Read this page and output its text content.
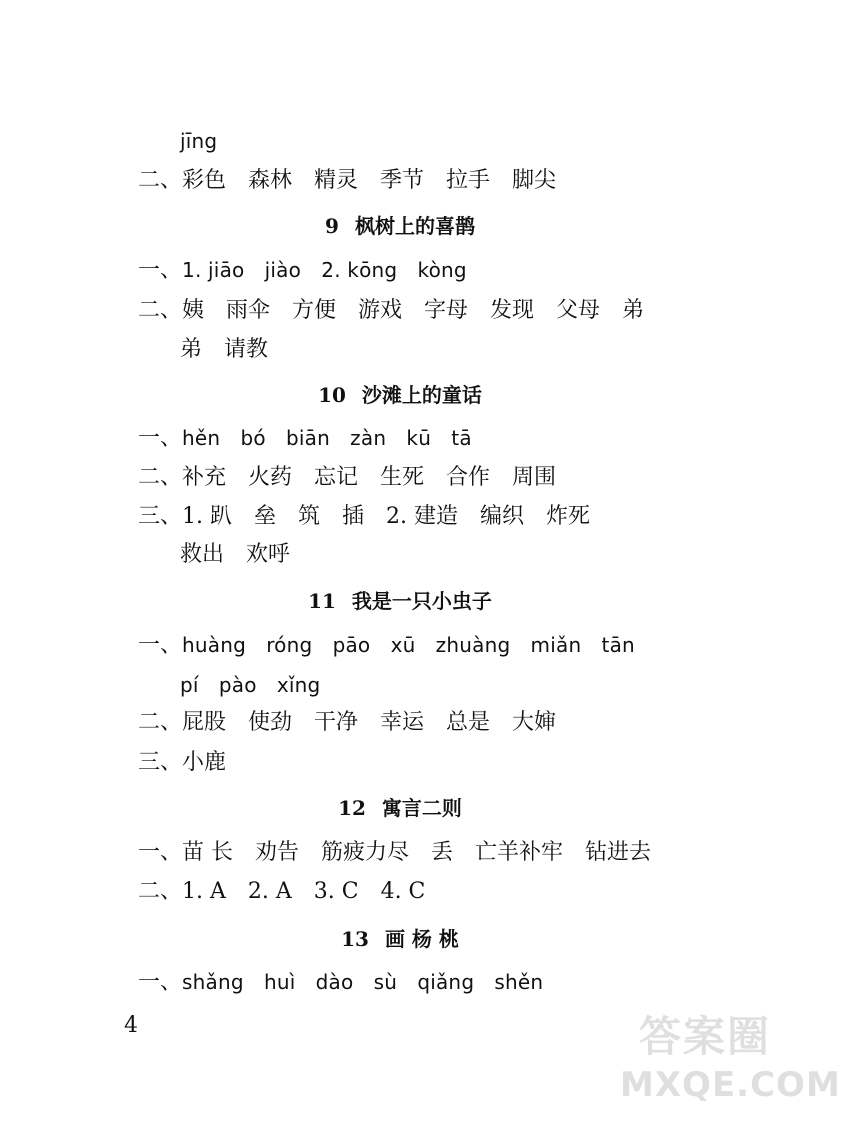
jīng
二、彩色　森林　精灵　季节　拉手　脚尖
9 枫树上的喜鹊
一、1. jiāo　jiào　2. kōng　kòng
二、姨　雨伞　方便　游戏　字母　发现　父母　弟
弟　请教
10 沙滩上的童话
一、hěn　bó　biān　zàn　kū　tā
二、补充　火药　忘记　生死　合作　周围
三、1. 趴　垒　筑　插　2. 建造　编织　炸死
救出　欢呼
11 我是一只小虫子
一、huàng　róng　pāo　xū　zhuàng　miǎn　tān
pí　pào　xǐng
二、屁股　使劲　干净　幸运　总是　大婶
三、小鹿
12 寓言二则
一、苗 长　劝告　筋疲力尽　丢　亡羊补牢　钻进去
二、1. A　2. A　3. C　4. C
13 画 杨 桃
一、shǎng　huì　dào　sù　qiǎng　shěn
4	答案圈
MXQE.COM
